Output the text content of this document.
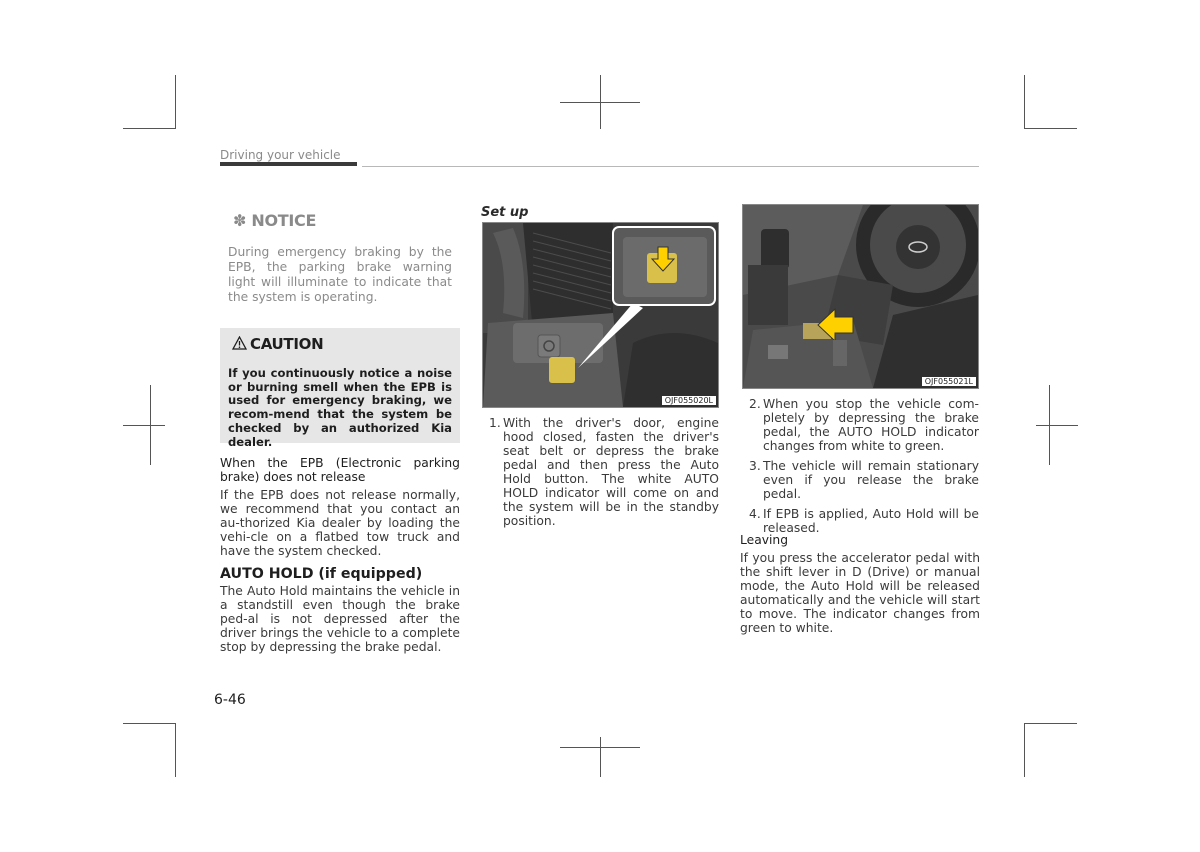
Driving your vehicle
✽ NOTICE
During emergency braking by the EPB, the parking brake warning light will illuminate to indicate that the system is operating.
CAUTION
If you continuously notice a noise or burning smell when the EPB is used for emergency braking, we recom-mend that the system be checked by an authorized Kia dealer.
When the EPB (Electronic parking brake) does not release
If the EPB does not release normally, we recommend that you contact an au-thorized Kia dealer by loading the vehi-cle on a flatbed tow truck and have the system checked.
AUTO HOLD (if equipped)
The Auto Hold maintains the vehicle in a standstill even though the brake ped-al is not depressed after the driver brings the vehicle to a complete stop by depressing the brake pedal.
Set up
OJF055020L
1. With the driver's door, engine hood closed, fasten the driver's seat belt or depress the brake pedal and then press the Auto Hold button. The white AUTO HOLD indicator will come on and the system will be in the standby position.
OJF055021L
2. When you stop the vehicle com-pletely by depressing the brake pedal, the AUTO HOLD indicator changes from white to green.
3. The vehicle will remain stationary even if you release the brake pedal.
4. If EPB is applied, Auto Hold will be released.
Leaving
If you press the accelerator pedal with the shift lever in D (Drive) or manual mode, the Auto Hold will be released automatically and the vehicle will start to move. The indicator changes from green to white.
6-46
